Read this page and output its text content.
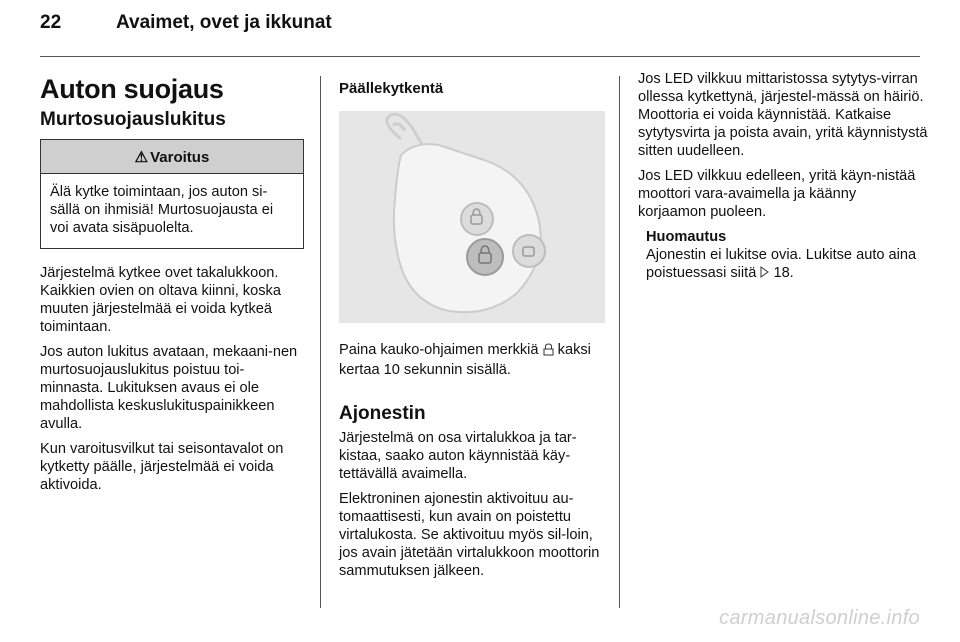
22	Avaimet, ovet ja ikkunat
Auton suojaus
Murtosuojauslukitus
⚠ Varoitus

Älä kytke toimintaan, jos auton si-sällä on ihmisiä! Murtosuojausta ei voi avata sisäpuolelta.

Järjestelmä kytkee ovet takalukkoon. Kaikkien ovien on oltava kiinni, koska muuten järjestelmää ei voida kytkeä toimintaan.

Jos auton lukitus avataan, mekaani-nen murtosuojauslukitus poistuu toi-minnasta. Lukituksen avaus ei ole mahdollista keskuslukituspainikkeen avulla.

Kun varoitusvilkut tai seisontavalot on kytketty päälle, järjestelmää ei voida aktivoida.

Päällekytkentä

Paina kauko-ohjaimen merkkiä kaksi kertaa 10 sekunnin sisällä.

Ajonestin

Järjestelmä on osa virtalukkoa ja tar-kistaa, saako auton käynnistää käy-tettävällä avaimella.

Elektroninen ajonestin aktivoituu au-tomaattisesti, kun avain on poistettu virtalukosta. Se aktivoituu myös sil-loin, jos avain jätetään virtalukkoon moottorin sammutuksen jälkeen.

Jos LED vilkkuu mittaristossa sytytys-virran ollessa kytkettynä, järjestel-mässä on häiriö. Moottoria ei voida käynnistää. Katkaise sytytysvirta ja poista avain, yritä käynnistystä sitten uudelleen.

Jos LED vilkkuu edelleen, yritä käyn-nistää moottori vara-avaimella ja käänny korjaamon puoleen.

Huomautus

Ajonestin ei lukitse ovia. Lukitse auto aina poistuessasi siitä 18.

carmanualsonline.info
